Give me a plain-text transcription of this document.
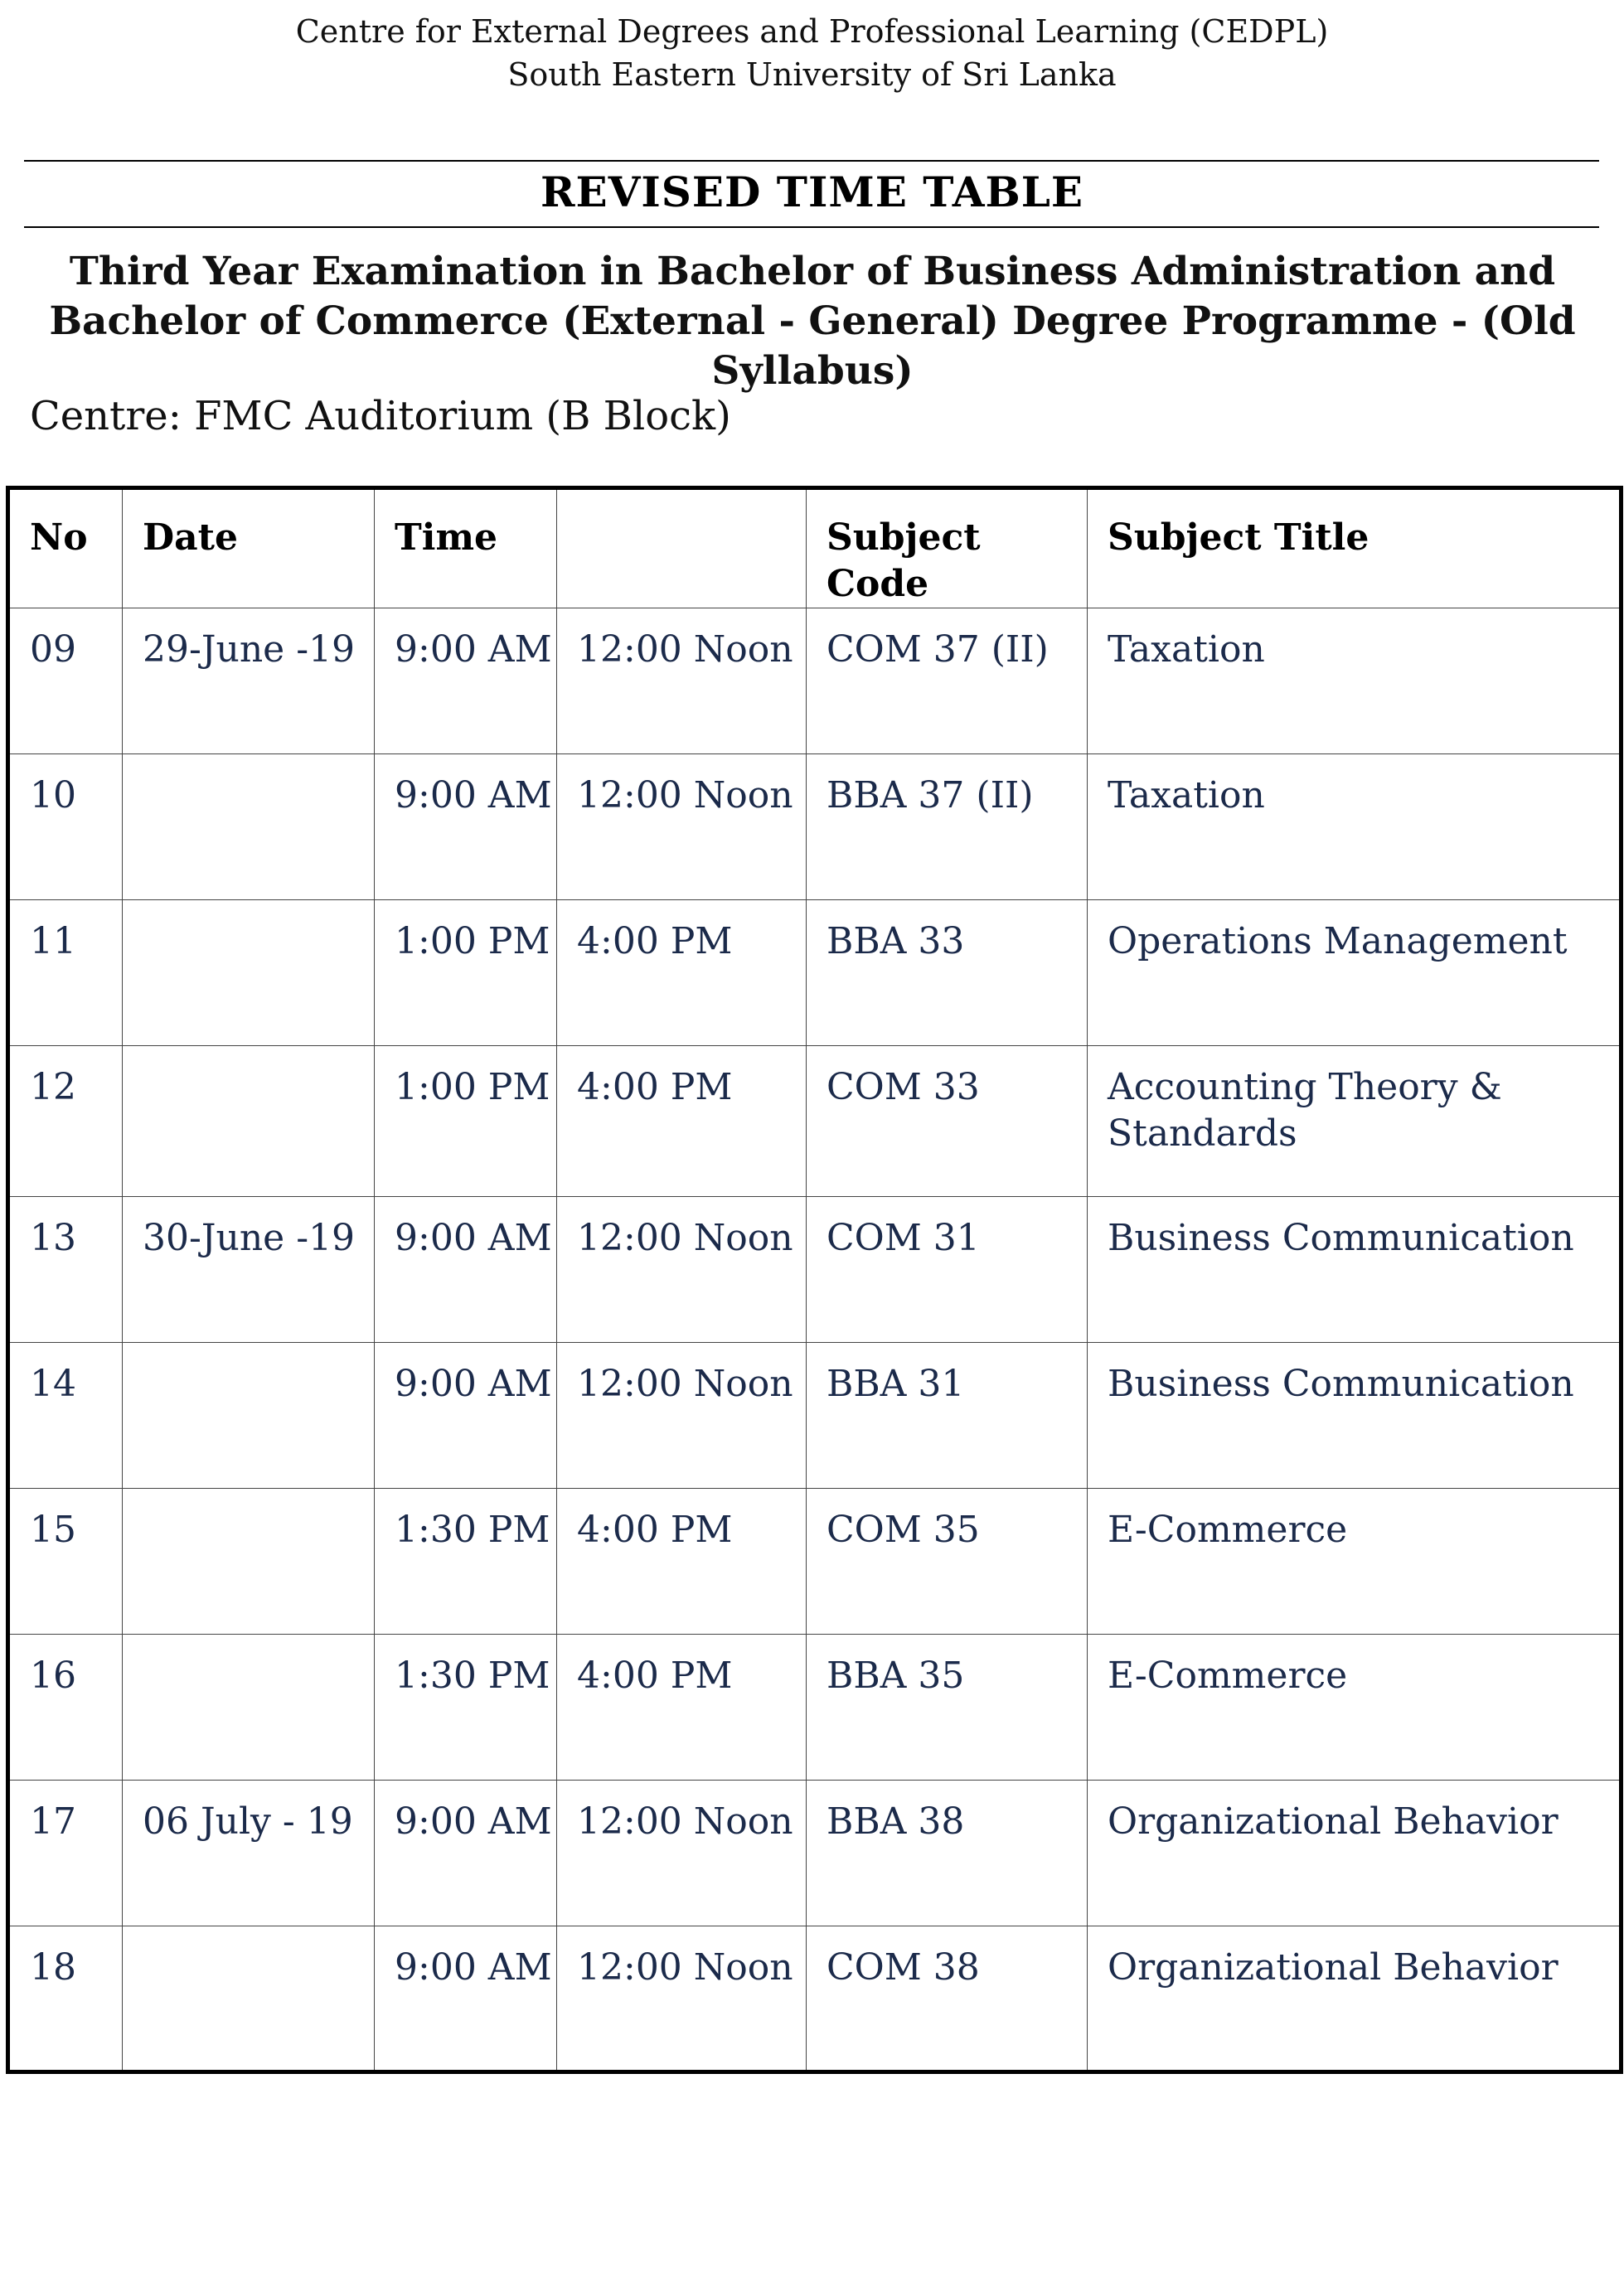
Centre for External Degrees and Professional Learning (CEDPL)
South Eastern University of Sri Lanka
REVISED TIME TABLE
Third Year Examination in Bachelor of Business Administration and Bachelor of Commerce (External - General) Degree Programme - (Old Syllabus)
Centre: FMC Auditorium (B Block)
No	Date	Time		Subject Code	Subject Title
09	29-June -19	9:00 AM	12:00 Noon	COM 37 (II)	Taxation
10		9:00 AM	12:00 Noon	BBA 37 (II)	Taxation
11		1:00 PM	4:00 PM	BBA 33	Operations Management
12		1:00 PM	4:00 PM	COM 33	Accounting Theory & Standards
13	30-June -19	9:00 AM	12:00 Noon	COM 31	Business Communication
14		9:00 AM	12:00 Noon	BBA 31	Business Communication
15		1:30 PM	4:00 PM	COM 35	E-Commerce
16		1:30 PM	4:00 PM	BBA 35	E-Commerce
17	06 July - 19	9:00 AM	12:00 Noon	BBA 38	Organizational Behavior
18		9:00 AM	12:00 Noon	COM 38	Organizational Behavior
